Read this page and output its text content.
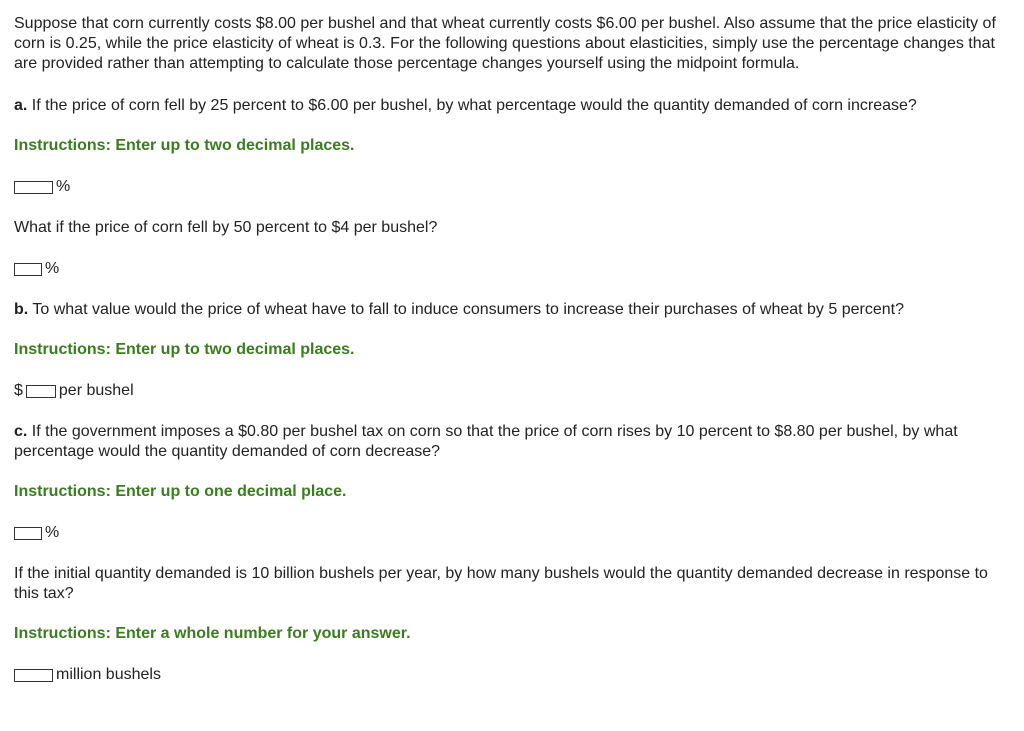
Suppose that corn currently costs $8.00 per bushel and that wheat currently costs $6.00 per bushel. Also assume that the price elasticity of corn is 0.25, while the price elasticity of wheat is 0.3. For the following questions about elasticities, simply use the percentage changes that are provided rather than attempting to calculate those percentage changes yourself using the midpoint formula.

a. If the price of corn fell by 25 percent to $6.00 per bushel, by what percentage would the quantity demanded of corn increase?

Instructions: Enter up to two decimal places.

%

What if the price of corn fell by 50 percent to $4 per bushel?

%

b. To what value would the price of wheat have to fall to induce consumers to increase their purchases of wheat by 5 percent?

Instructions: Enter up to two decimal places.

$ per bushel

c. If the government imposes a $0.80 per bushel tax on corn so that the price of corn rises by 10 percent to $8.80 per bushel, by what percentage would the quantity demanded of corn decrease?

Instructions: Enter up to one decimal place.

%

If the initial quantity demanded is 10 billion bushels per year, by how many bushels would the quantity demanded decrease in response to this tax?

Instructions: Enter a whole number for your answer.

million bushels
